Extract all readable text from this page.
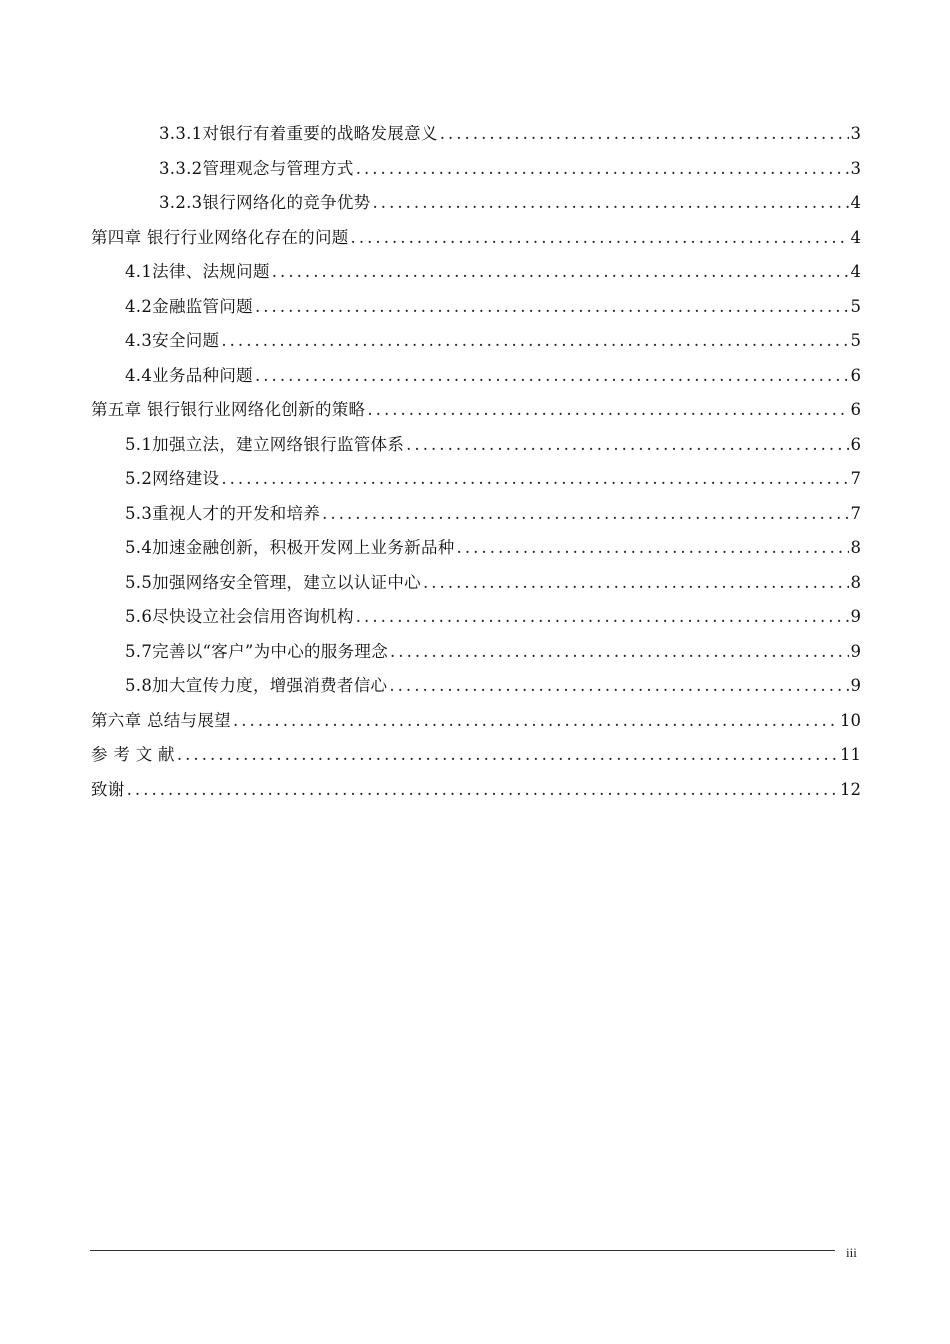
3.3.1对银行有着重要的战略发展意义 . . .	3
3.3.2管理观念与管理方式 . . .	3
3.2.3银行网络化的竞争优势 . . .	4
第四章 银行行业网络化存在的问题 . . .	4
4.1法律、法规问题 . . .	4
4.2金融监管问题 . . .	5
4.3安全问题 . . .	5
4.4业务品种问题 . . .	6
第五章 银行银行业网络化创新的策略 . . .	6
5.1加强立法，建立网络银行监管体系 . . .	6
5.2网络建设 . . .	7
5.3重视人才的开发和培养 . . .	7
5.4加速金融创新，积极开发网上业务新品种 . . .	8
5.5加强网络安全管理，建立以认证中心 . . .	8
5.6尽快设立社会信用咨询机构 . . .	9
5.7完善以“客户”为中心的服务理念 . . .	9
5.8加大宣传力度，增强消费者信心 . . .	9
第六章 总结与展望 . . .	10
参 考 文 献 . . .	11
致谢 . . .	12
iii
